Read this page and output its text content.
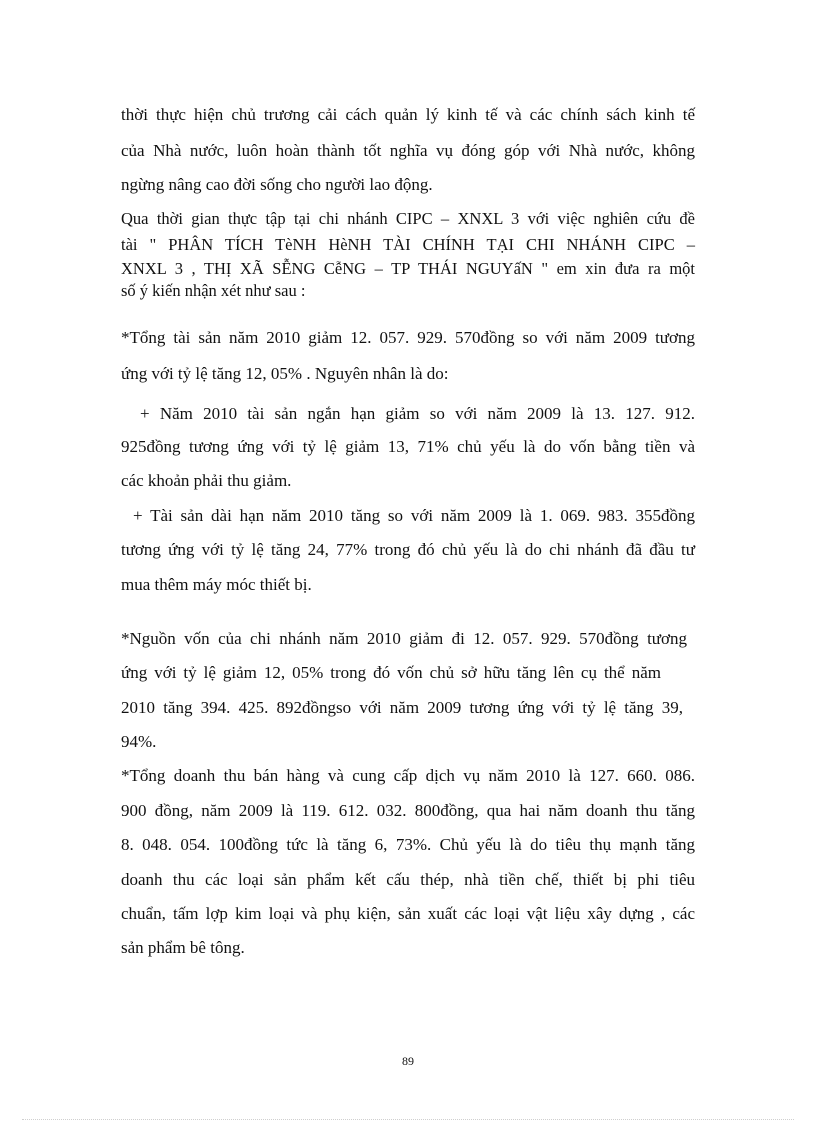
thời thực hiện chủ trương cải cách quản lý kinh tế và các chính sách kinh tế
của Nhà nước, luôn hoàn thành tốt nghĩa vụ đóng góp với Nhà nước, không
ngừng nâng cao đời sống cho người lao động.
Qua thời gian thực tập tại chi nhánh CIPC – XNXL 3 với việc nghiên cứu đề
tài " PHÂN TÍCH TèNH HèNH TÀI CHÍNH TẠI CHI NHÁNH CIPC –
XNXL 3 , THỊ XÃ SỄNG CễNG – TP THÁI NGUYấN " em xin đưa ra một
số ý kiến nhận xét như sau :
*Tổng tài sản năm 2010 giảm 12. 057. 929. 570đồng so với năm 2009 tương
ứng với tỷ lệ tăng 12, 05% . Nguyên nhân là do:
+ Năm 2010 tài sản ngắn hạn giảm so với năm 2009 là 13. 127. 912.
925đồng tương ứng với tỷ lệ giảm 13, 71% chủ yếu là do vốn bằng tiền và
các khoản phải thu giảm.
+ Tài sản dài hạn năm 2010 tăng so với năm 2009 là 1. 069. 983. 355đồng
tương ứng với tỷ lệ tăng 24, 77% trong đó chủ yếu là do chi nhánh đã đầu tư
mua thêm máy móc thiết bị.
*Nguồn vốn của chi nhánh năm 2010 giảm đi 12. 057. 929. 570đồng tương
ứng với tỷ lệ giảm 12, 05% trong đó vốn chủ sở hữu tăng lên cụ thể năm
2010 tăng 394. 425. 892đồngso với năm 2009 tương ứng với tỷ lệ tăng 39,
94%.
*Tổng doanh thu bán hàng và cung cấp dịch vụ năm 2010 là 127. 660. 086.
900 đồng, năm 2009 là 119. 612. 032. 800đồng, qua hai năm doanh thu tăng
8. 048. 054. 100đồng tức là tăng 6, 73%. Chủ yếu là do tiêu thụ mạnh tăng
doanh thu các loại sản phẩm kết cấu thép, nhà tiền chế, thiết bị phi tiêu
chuẩn, tấm lợp kim loại và phụ kiện, sản xuất các loại vật liệu xây dựng , các
sản phẩm bê tông.
89
